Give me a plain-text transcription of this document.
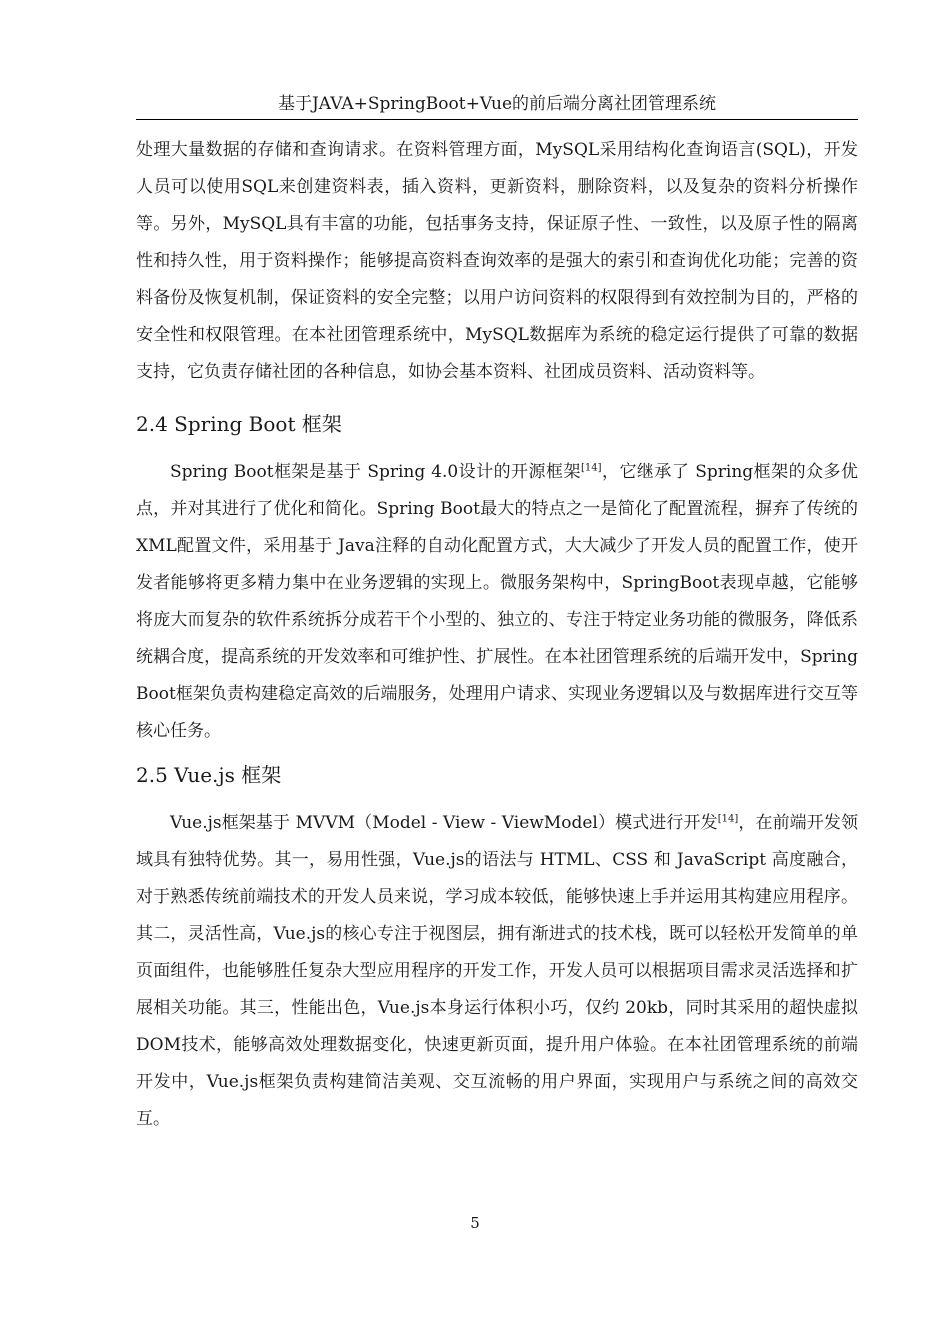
基于JAVA+SpringBoot+Vue的前后端分离社团管理系统

处理大量数据的存储和查询请求。在资料管理方面，MySQL采用结构化查询语言(SQL)，开发人员可以使用SQL来创建资料表，插入资料，更新资料，删除资料，以及复杂的资料分析操作等。另外，MySQL具有丰富的功能，包括事务支持，保证原子性、一致性，以及原子性的隔离性和持久性，用于资料操作；能够提高资料查询效率的是强大的索引和查询优化功能；完善的资料备份及恢复机制，保证资料的安全完整；以用户访问资料的权限得到有效控制为目的，严格的安全性和权限管理。在本社团管理系统中，MySQL数据库为系统的稳定运行提供了可靠的数据支持，它负责存储社团的各种信息，如协会基本资料、社团成员资料、活动资料等。

2.4 Spring Boot 框架

Spring Boot框架是基于 Spring 4.0设计的开源框架[14]，它继承了 Spring框架的众多优点，并对其进行了优化和简化。Spring Boot最大的特点之一是简化了配置流程，摒弃了传统的 XML配置文件，采用基于 Java注释的自动化配置方式，大大减少了开发人员的配置工作，使开发者能够将更多精力集中在业务逻辑的实现上。微服务架构中，SpringBoot表现卓越，它能够将庞大而复杂的软件系统拆分成若干个小型的、独立的、专注于特定业务功能的微服务，降低系统耦合度，提高系统的开发效率和可维护性、扩展性。在本社团管理系统的后端开发中，Spring Boot框架负责构建稳定高效的后端服务，处理用户请求、实现业务逻辑以及与数据库进行交互等核心任务。

2.5 Vue.js 框架

Vue.js框架基于 MVVM（Model - View - ViewModel）模式进行开发[14]，在前端开发领域具有独特优势。其一，易用性强，Vue.js的语法与 HTML、CSS 和 JavaScript 高度融合，对于熟悉传统前端技术的开发人员来说，学习成本较低，能够快速上手并运用其构建应用程序。其二，灵活性高，Vue.js的核心专注于视图层，拥有渐进式的技术栈，既可以轻松开发简单的单页面组件，也能够胜任复杂大型应用程序的开发工作，开发人员可以根据项目需求灵活选择和扩展相关功能。其三，性能出色，Vue.js本身运行体积小巧，仅约 20kb，同时其采用的超快虚拟 DOM技术，能够高效处理数据变化，快速更新页面，提升用户体验。在本社团管理系统的前端开发中，Vue.js框架负责构建简洁美观、交互流畅的用户界面，实现用户与系统之间的高效交互。

5
